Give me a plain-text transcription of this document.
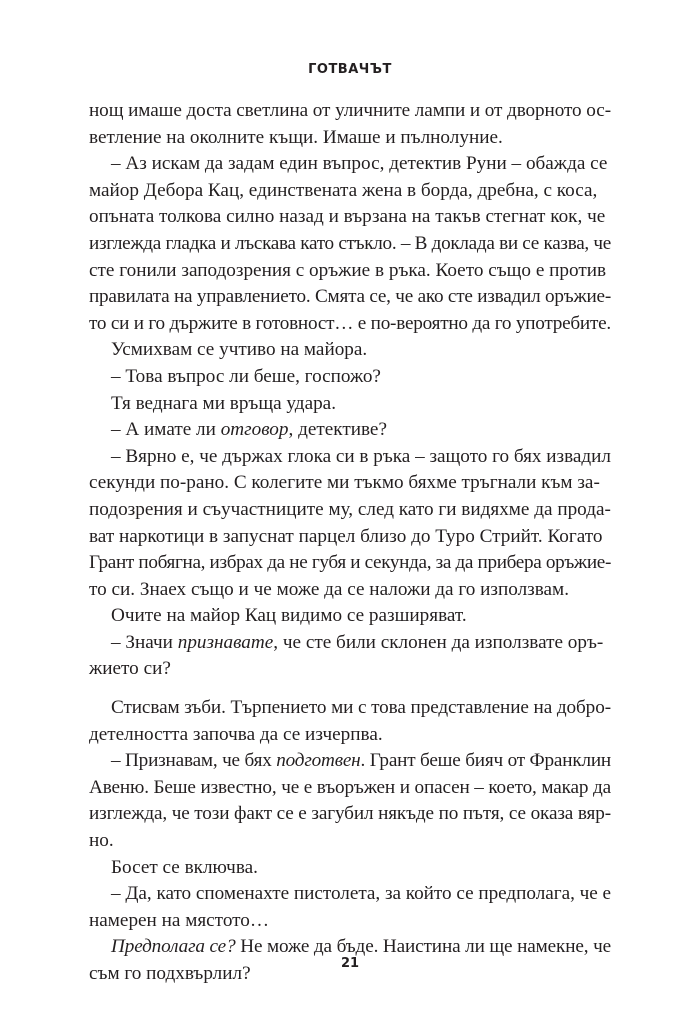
ГОТВАЧЪТ
нощ имаше доста светлина от уличните лампи и от дворното ос-
ветление на околните къщи. Имаше и пълнолуние.
– Аз искам да задам един въпрос, детектив Руни – обажда се
майор Дебора Кац, единствената жена в борда, дребна, с коса,
опъната толкова силно назад и вързана на такъв стегнат кок, че
изглежда гладка и лъскава като стъкло. – В доклада ви се казва, че
сте гонили заподозрения с оръжие в ръка. Което също е против
правилата на управлението. Смята се, че ако сте извадил оръжие-
то си и го държите в готовност… е по-вероятно да го употребите.
Усмихвам се учтиво на майора.
– Това въпрос ли беше, госпожо?
Тя веднага ми връща удара.
– А имате ли отговор, детективе?
– Вярно е, че държах глока си в ръка – защото го бях извадил
секунди по-рано. С колегите ми тъкмо бяхме тръгнали към за-
подозрения и съучастниците му, след като ги видяхме да прода-
ват наркотици в запуснат парцел близо до Туро Стрийт. Когато
Грант побягна, избрах да не губя и секунда, за да прибера оръжие-
то си. Знаех също и че може да се наложи да го използвам.
Очите на майор Кац видимо се разширяват.
– Значи признавате, че сте били склонен да използвате оръ-
жието си?
Стисвам зъби. Търпението ми с това представление на добро-
детелността започва да се изчерпва.
– Признавам, че бях подготвен. Грант беше бияч от Франклин
Авеню. Беше известно, че е въоръжен и опасен – което, макар да
изглежда, че този факт се е загубил някъде по пътя, се оказа вяр-
но.
Босет се включва.
– Да, като споменахте пистолета, за който се предполага, че е
намерен на мястото…
Предполага се? Не може да бъде. Наистина ли ще намекне, че
съм го подхвърлил?	21
